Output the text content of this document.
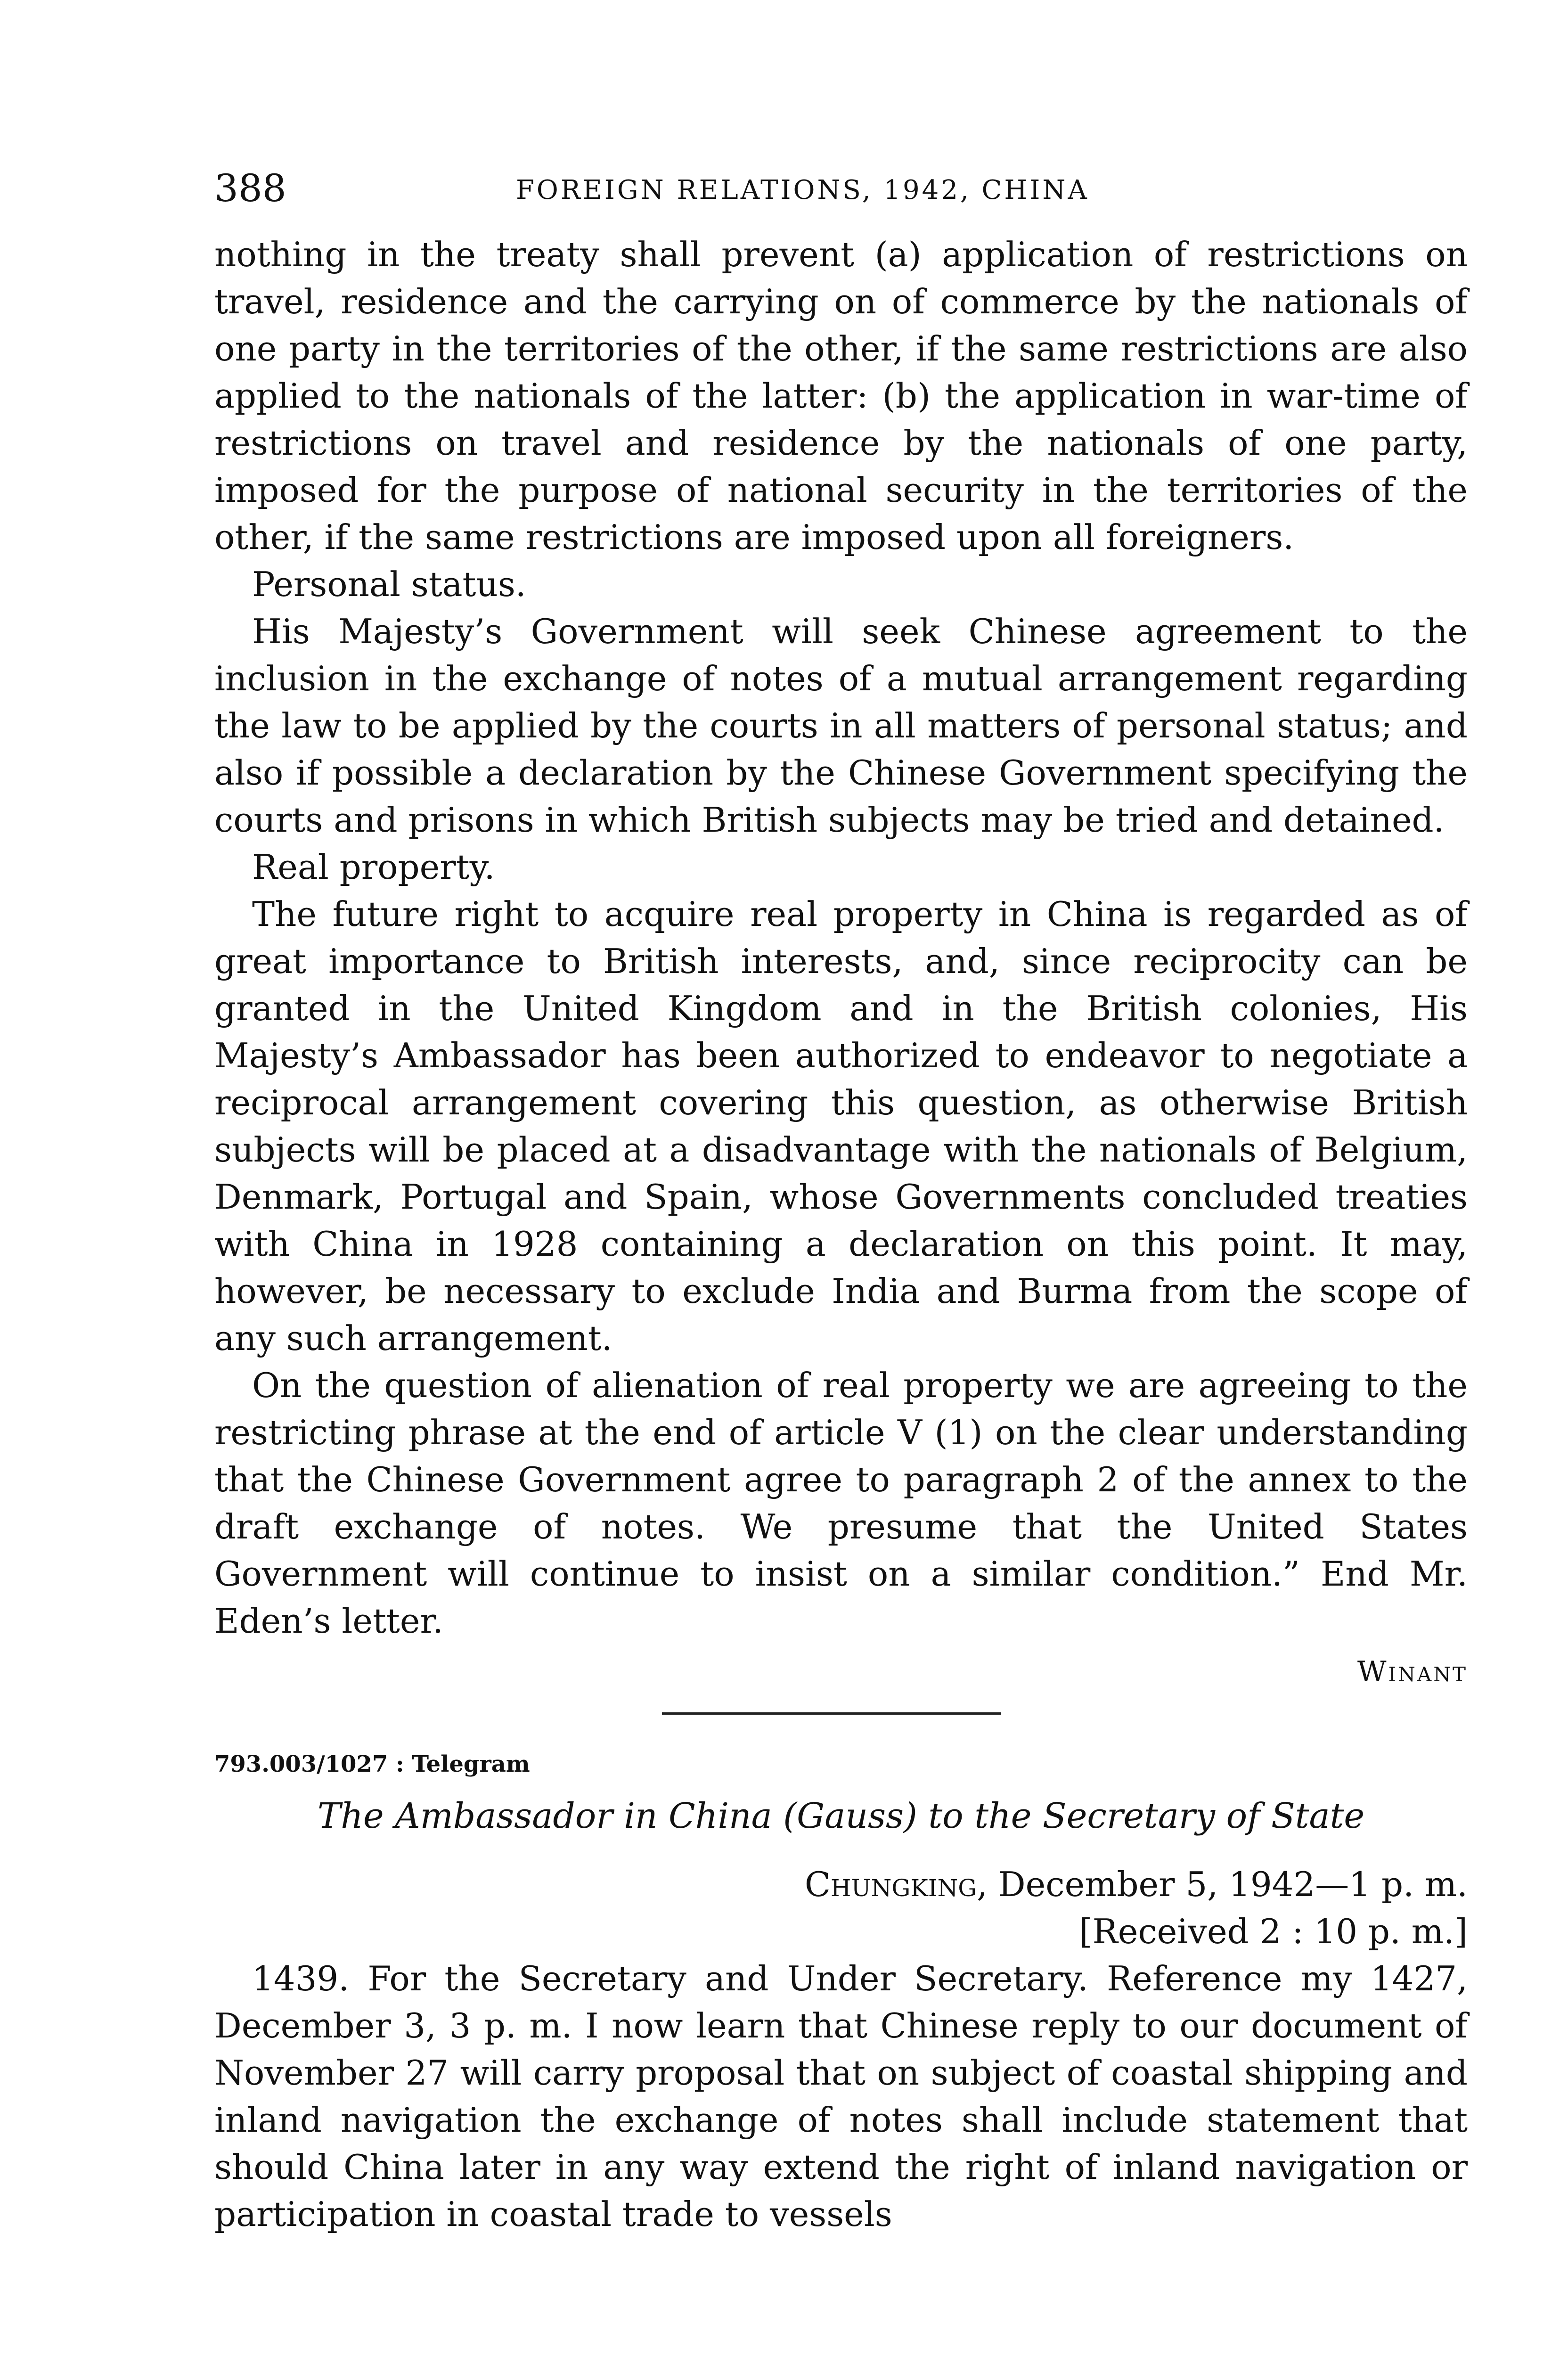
388	FOREIGN RELATIONS, 1942, CHINA

nothing in the treaty shall prevent (a) application of restrictions on travel, residence and the carrying on of commerce by the nationals of one party in the territories of the other, if the same restrictions are also applied to the nationals of the latter: (b) the application in war-time of restrictions on travel and residence by the nationals of one party, imposed for the purpose of national security in the territories of the other, if the same restrictions are imposed upon all foreigners.

Personal status.

His Majesty’s Government will seek Chinese agreement to the inclusion in the exchange of notes of a mutual arrangement regarding the law to be applied by the courts in all matters of personal status; and also if possible a declaration by the Chinese Government specifying the courts and prisons in which British subjects may be tried and detained.

Real property.

The future right to acquire real property in China is regarded as of great importance to British interests, and, since reciprocity can be granted in the United Kingdom and in the British colonies, His Majesty’s Ambassador has been authorized to endeavor to negotiate a reciprocal arrangement covering this question, as otherwise British subjects will be placed at a disadvantage with the nationals of Belgium, Denmark, Portugal and Spain, whose Governments concluded treaties with China in 1928 containing a declaration on this point. It may, however, be necessary to exclude India and Burma from the scope of any such arrangement.

On the question of alienation of real property we are agreeing to the restricting phrase at the end of article V (1) on the clear understanding that the Chinese Government agree to paragraph 2 of the annex to the draft exchange of notes. We presume that the United States Government will continue to insist on a similar condition.” End Mr. Eden’s letter.

Winant
793.003/1027 : Telegram
The Ambassador in China (Gauss) to the Secretary of State
Chungking, December 5, 1942—1 p. m.
[Received 2 : 10 p. m.]

1439. For the Secretary and Under Secretary. Reference my 1427, December 3, 3 p. m. I now learn that Chinese reply to our document of November 27 will carry proposal that on subject of coastal shipping and inland navigation the exchange of notes shall include statement that should China later in any way extend the right of inland navigation or participation in coastal trade to vessels
